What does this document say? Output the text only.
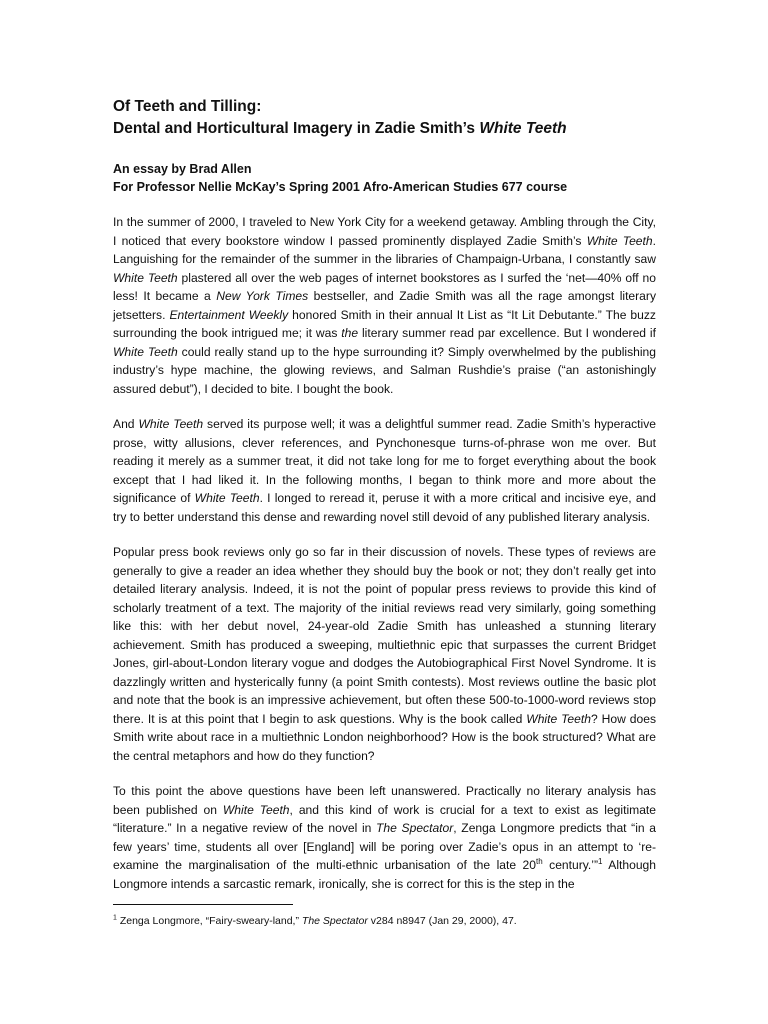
Of Teeth and Tilling:
Dental and Horticultural Imagery in Zadie Smith’s White Teeth
An essay by Brad Allen
For Professor Nellie McKay’s Spring 2001 Afro-American Studies 677 course

In the summer of 2000, I traveled to New York City for a weekend getaway. Ambling through the City, I noticed that every bookstore window I passed prominently displayed Zadie Smith’s White Teeth. Languishing for the remainder of the summer in the libraries of Champaign-Urbana, I constantly saw White Teeth plastered all over the web pages of internet bookstores as I surfed the ‘net—40% off no less! It became a New York Times bestseller, and Zadie Smith was all the rage amongst literary jetsetters. Entertainment Weekly honored Smith in their annual It List as “It Lit Debutante.” The buzz surrounding the book intrigued me; it was the literary summer read par excellence. But I wondered if White Teeth could really stand up to the hype surrounding it? Simply overwhelmed by the publishing industry’s hype machine, the glowing reviews, and Salman Rushdie’s praise (“an astonishingly assured debut”), I decided to bite. I bought the book.

And White Teeth served its purpose well; it was a delightful summer read. Zadie Smith’s hyperactive prose, witty allusions, clever references, and Pynchonesque turns-of-phrase won me over. But reading it merely as a summer treat, it did not take long for me to forget everything about the book except that I had liked it. In the following months, I began to think more and more about the significance of White Teeth. I longed to reread it, peruse it with a more critical and incisive eye, and try to better understand this dense and rewarding novel still devoid of any published literary analysis.

Popular press book reviews only go so far in their discussion of novels. These types of reviews are generally to give a reader an idea whether they should buy the book or not; they don’t really get into detailed literary analysis. Indeed, it is not the point of popular press reviews to provide this kind of scholarly treatment of a text. The majority of the initial reviews read very similarly, going something like this: with her debut novel, 24-year-old Zadie Smith has unleashed a stunning literary achievement. Smith has produced a sweeping, multiethnic epic that surpasses the current Bridget Jones, girl-about-London literary vogue and dodges the Autobiographical First Novel Syndrome. It is dazzlingly written and hysterically funny (a point Smith contests). Most reviews outline the basic plot and note that the book is an impressive achievement, but often these 500-to-1000-word reviews stop there. It is at this point that I begin to ask questions. Why is the book called White Teeth? How does Smith write about race in a multiethnic London neighborhood? How is the book structured? What are the central metaphors and how do they function?

To this point the above questions have been left unanswered. Practically no literary analysis has been published on White Teeth, and this kind of work is crucial for a text to exist as legitimate “literature.” In a negative review of the novel in The Spectator, Zenga Longmore predicts that “in a few years’ time, students all over [England] will be poring over Zadie’s opus in an attempt to ‘re-examine the marginalisation of the multi-ethnic urbanisation of the late 20th century.’”$^1$ Although Longmore intends a sarcastic remark, ironically, she is correct for this is the step in the

$^1$ Zenga Longmore, “Fairy-sweary-land,” The Spectator v284 n8947 (Jan 29, 2000), 47.
